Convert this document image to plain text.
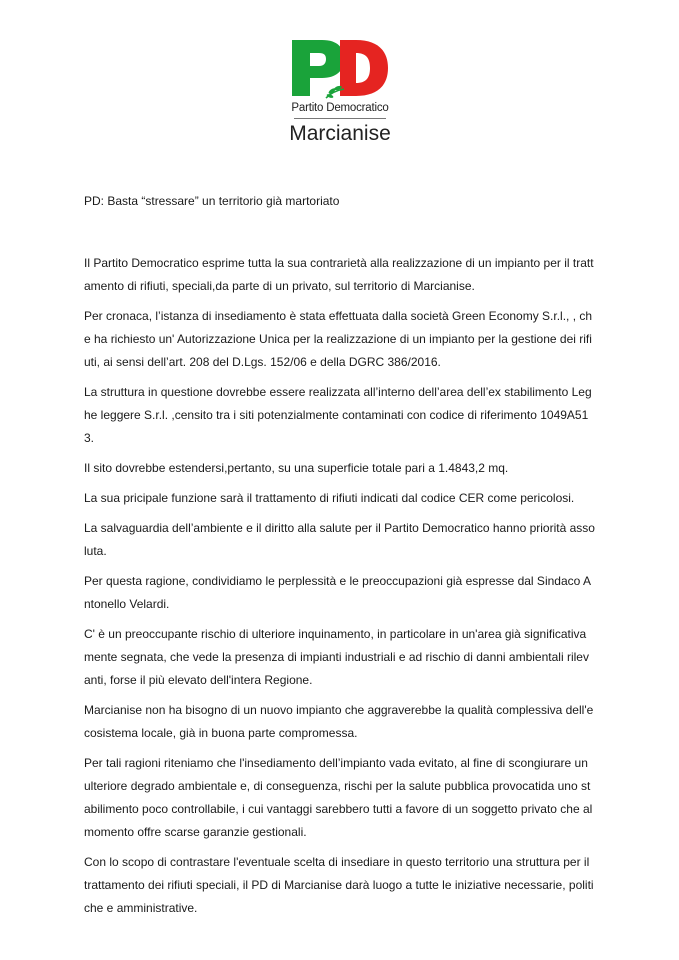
Partito Democratico
Marcianise
PD: Basta “stressare” un territorio già martoriato

Il Partito Democratico esprime tutta la sua contrarietà alla realizzazione di un impianto per il trattamento di rifiuti, speciali,da parte di un privato, sul territorio di Marcianise.

Per cronaca, l’istanza di insediamento è stata effettuata dalla società Green Economy S.r.l., , che ha richiesto un' Autorizzazione Unica per la realizzazione di un impianto per la gestione dei rifiuti, ai sensi dell’art. 208 del D.Lgs. 152/06 e della DGRC 386/2016.

La struttura in questione dovrebbe essere realizzata all’interno dell’area dell’ex stabilimento Leghe leggere S.r.l. ,censito tra i siti potenzialmente contaminati con codice di riferimento 1049A513.

Il sito dovrebbe estendersi,pertanto, su una superficie totale pari a 1.4843,2 mq.

La sua pricipale funzione sarà il trattamento di rifiuti indicati dal codice CER come pericolosi.

La salvaguardia dell’ambiente e il diritto alla salute per il Partito Democratico hanno priorità assoluta.

Per questa ragione, condividiamo le perplessità e le preoccupazioni già espresse dal Sindaco Antonello Velardi.

C' è un preoccupante rischio di ulteriore inquinamento, in particolare in un'area già significativamente segnata, che vede la presenza di impianti industriali e ad rischio di danni ambientali rilevanti, forse il più elevato dell'intera Regione.

Marcianise non ha bisogno di un nuovo impianto che aggraverebbe la qualità complessiva dell'ecosistema locale, già in buona parte compromessa.

Per tali ragioni riteniamo che l'insediamento dell’impianto vada evitato, al fine di scongiurare un ulteriore degrado ambientale e, di conseguenza, rischi per la salute pubblica provocatida uno stabilimento poco controllabile, i cui vantaggi sarebbero tutti a favore di un soggetto privato che al momento offre scarse garanzie gestionali.

Con lo scopo di contrastare l'eventuale scelta di insediare in questo territorio una struttura per il trattamento dei rifiuti speciali, il PD di Marcianise darà luogo a tutte le iniziative necessarie, politiche e amministrative.
